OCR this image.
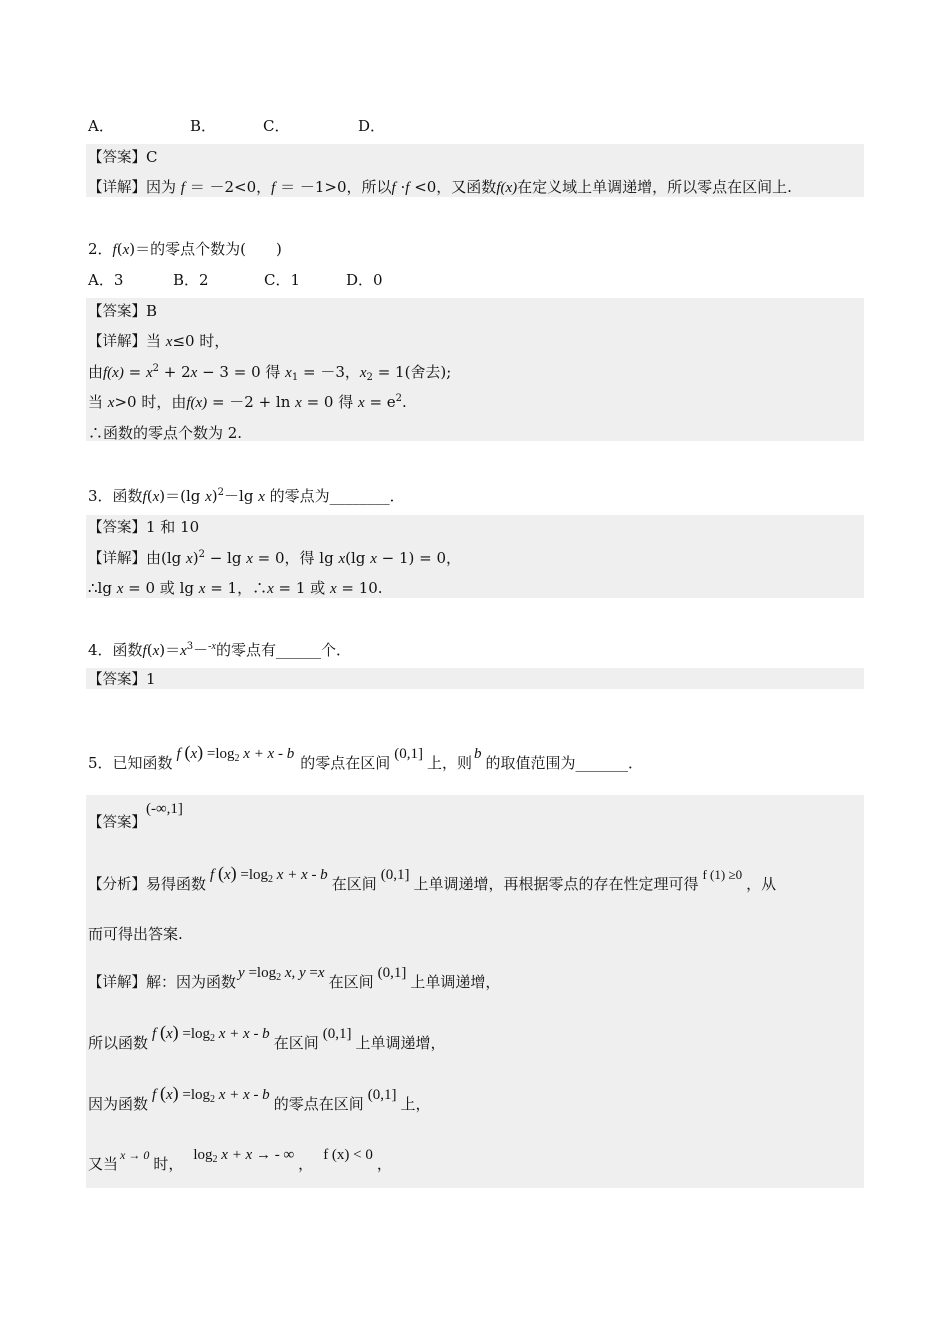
A．	B．	C．	D．
【答案】C
【详解】因为 f ＝ －2<0，f ＝ －1>0，所以f ·f <0，又函数f(x)在定义域上单调递增，所以零点在区间上.
2．f(x)＝的零点个数为(　　)
A．3	B．2	C．1	D．0
【答案】B
【详解】当 x≤0 时，
由$f(x) = x^2 + 2x - 3 = 0$ 得 $x_1 = -3$，$x_2 = 1$(舍去);
当 x>0 时，由f(x) = －2 + ln x = 0 得 $x = e^2$.
∴函数的零点个数为 2.
3．函数f(x)＝(lg x)$^2$－lg x 的零点为________．
【答案】1 和 10
【详解】由(lg x)$^2$ − lg x = 0，得 lg x(lg x − 1) = 0，
∴lg x = 0 或 lg x = 1，∴x = 1 或 x = 10.
4．函数$f(x)=x^3-^{-x}$的零点有______个．
【答案】1
5．已知函数 f $(x) =\log_2$ x + x - b 的零点在区间 (0,1] 上，则 b 的取值范围为_______．
【答案】(-∞,1]
【分析】易得函数 f $(x) =\log_2$ x + x - b 在区间 (0,1] 上单调递增，再根据零点的存在性定理可得f (1) ≥0，从
而可得出答案.
【详解】解：因为函数 $y =\log_2$ x, y =x 在区间 (0,1] 上单调递增，
所以函数 f $(x) =\log_2$ x + x - b 在区间 (0,1] 上单调递增，
因为函数 f $(x) =\log_2$ x + x - b 的零点在区间 (0,1] 上，
又当 $^{x \to 0}$ 时， $\log_2 x + x$ → - ∞ ， f (x) < 0 ，
